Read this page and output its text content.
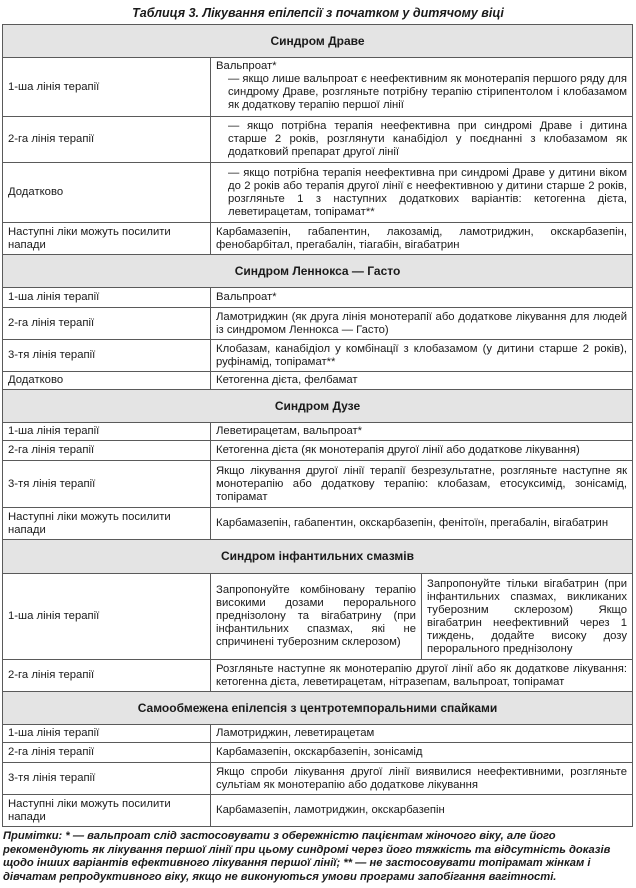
Таблиця 3. Лікування епілепсії з початком у дитячому віці
Синдром Драве		
1-ша лінія терапії	Вальпроат*
— якщо лише вальпроат є неефективним як монотерапія першого ряду для синдрому Драве, розгляньте потрібну терапію стірипентолом і клобазамом як додаткову терапію першої лінії	

2-га лінія терапії	— якщо потрібна терапія неефективна при синдромі Драве і дитина старше 2 років, розглянути канабідіол у поєднанні з клобазамом як додатковий препарат другої лінії	
Додатково	— якщо потрібна терапія неефективна при синдромі Драве у дитини віком до 2 років або терапія другої лінії є неефективною у дитини старше 2 років, розгляньте 1 з наступних додаткових варіантів: кетогенна дієта, леветирацетам, топірамат**	
Наступні ліки можуть посилити напади	Карбамазепін, габапентин, лакозамід, ламотриджин, окскарбазепін, фенобарбітал, прегабалін, тіагабін, вігабатрин	
Синдром Леннокса — Гасто		
1-ша лінія терапії	Вальпроат*	
2-га лінія терапії	Ламотриджин (як друга лінія монотерапії або додаткове лікування для людей із синдромом Леннокса — Гасто)	
3-тя лінія терапії	Клобазам, канабідіол у комбінації з клобазамом (у дитини старше 2 років), руфінамід, топірамат**	
Додатково	Кетогенна дієта, фелбамат	
Синдром Дузе		
1-ша лінія терапії	Леветирацетам, вальпроат*	
2-га лінія терапії	Кетогенна дієта (як монотерапія другої лінії або додаткове лікування)	
3-тя лінія терапії	Якщо лікування другої лінії терапії безрезультатне, розгляньте наступне як монотерапію або додаткову терапію: клобазам, етосуксимід, зонісамід, топірамат	
Наступні ліки можуть посилити напади	Карбамазепін, габапентин, окскарбазепін, фенітоїн, прегабалін, вігабатрин	
Синдром інфантильних смазмів		
1-ша лінія терапії	Запропонуйте комбіновану терапію високими дозами перорального преднізолону та вігабатрину (при інфантильних спазмах, які не спричинені туберозним склерозом)	Запропонуйте тільки вігабатрин (при інфантильних спазмах, викликаних туберозним склерозом) Якщо вігабатрин неефективний через 1 тиждень, додайте високу дозу перорального преднізолону
2-га лінія терапії	Розгляньте наступне як монотерапію другої лінії або як додаткове лікування: кетогенна дієта, леветирацетам, нітразепам, вальпроат, топірамат	
Самообмежена епілепсія з центротемпоральними спайками		
1-ша лінія терапії	Ламотриджин, леветирацетам	
2-га лінія терапії	Карбамазепін, окскарбазепін, зонісамід	
3-тя лінія терапії	Якщо спроби лікування другої лінії виявилися неефективними, розгляньте сультіам як монотерапію або додаткове лікування	
Наступні ліки можуть посилити напади	Карбамазепін, ламотриджин, окскарбазепін	
Примітки: * — вальпроат слід застосовувати з обережністю пацієнтам жіночого віку, але його рекомендують як лікування першої лінії при цьому синдромі через його тяжкість та відсутність доказів щодо інших варіантів ефективного лікування першої лінії; ** — не застосовувати топірамат жінкам і дівчатам репродуктивного віку, якщо не виконуються умови програми запобігання вагітності.
